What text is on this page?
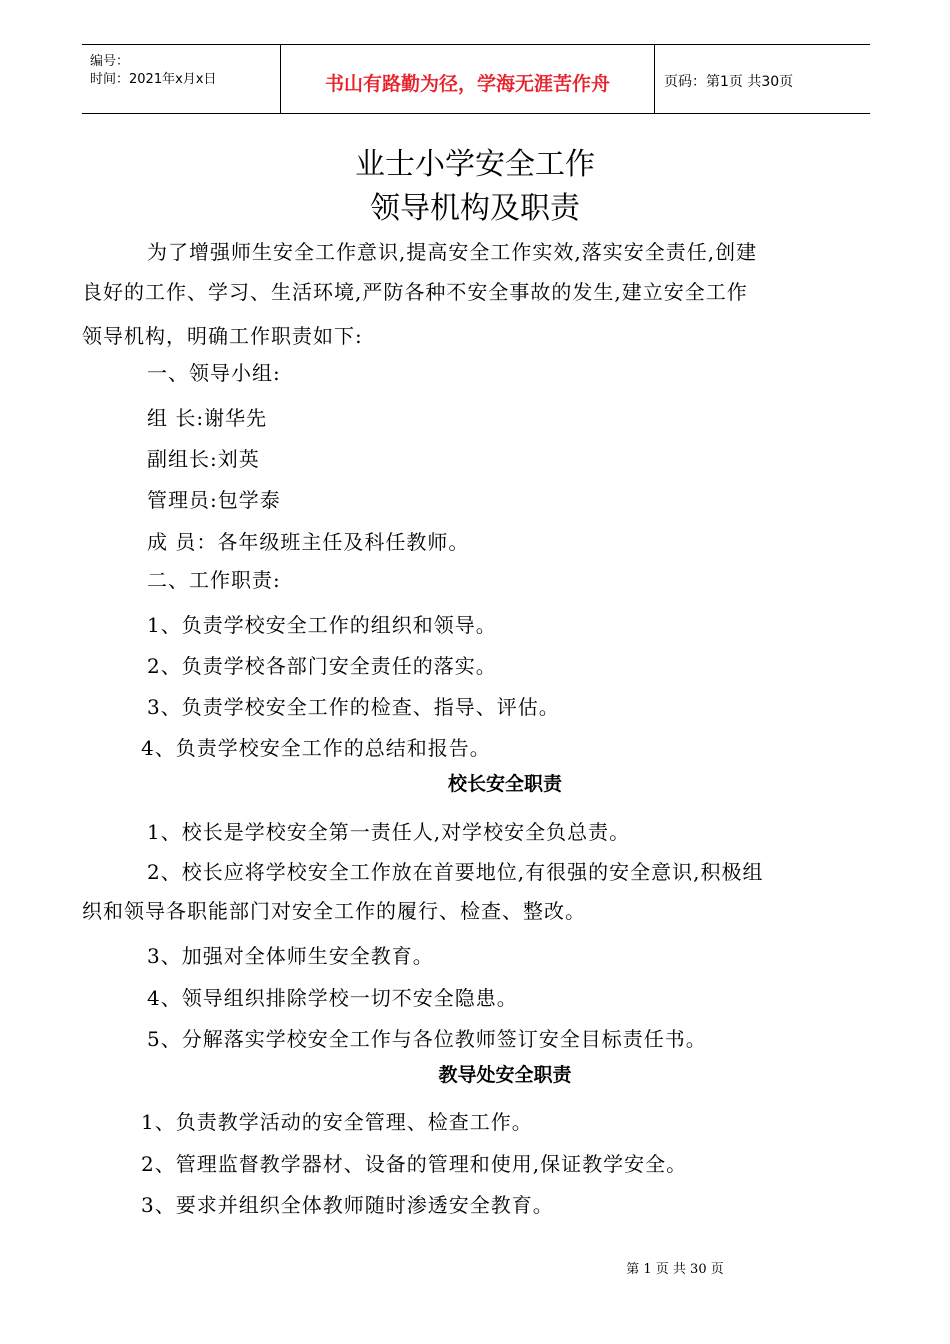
编号：
时间：2021年x月x日	书山有路勤为径，学海无涯苦作舟	页码：第1页 共30页
业士小学安全工作
领导机构及职责
为了增强师生安全工作意识,提高安全工作实效,落实安全责任,创建
良好的工作、学习、生活环境,严防各种不安全事故的发生,建立安全工作
领导机构，明确工作职责如下:
一、领导小组:
组 长:谢华先
副组长:刘英
管理员:包学泰
成 员：各年级班主任及科任教师。
二、工作职责:
1、负责学校安全工作的组织和领导。
2、负责学校各部门安全责任的落实。
3、负责学校安全工作的检查、指导、评估。
4、负责学校安全工作的总结和报告。
校长安全职责
1、校长是学校安全第一责任人,对学校安全负总责。
2、校长应将学校安全工作放在首要地位,有很强的安全意识,积极组
织和领导各职能部门对安全工作的履行、检查、整改。
3、加强对全体师生安全教育。
4、领导组织排除学校一切不安全隐患。
5、分解落实学校安全工作与各位教师签订安全目标责任书。
教导处安全职责
1、负责教学活动的安全管理、检查工作。
2、管理监督教学器材、设备的管理和使用,保证教学安全。
3、要求并组织全体教师随时渗透安全教育。
第 1 页 共 30 页
